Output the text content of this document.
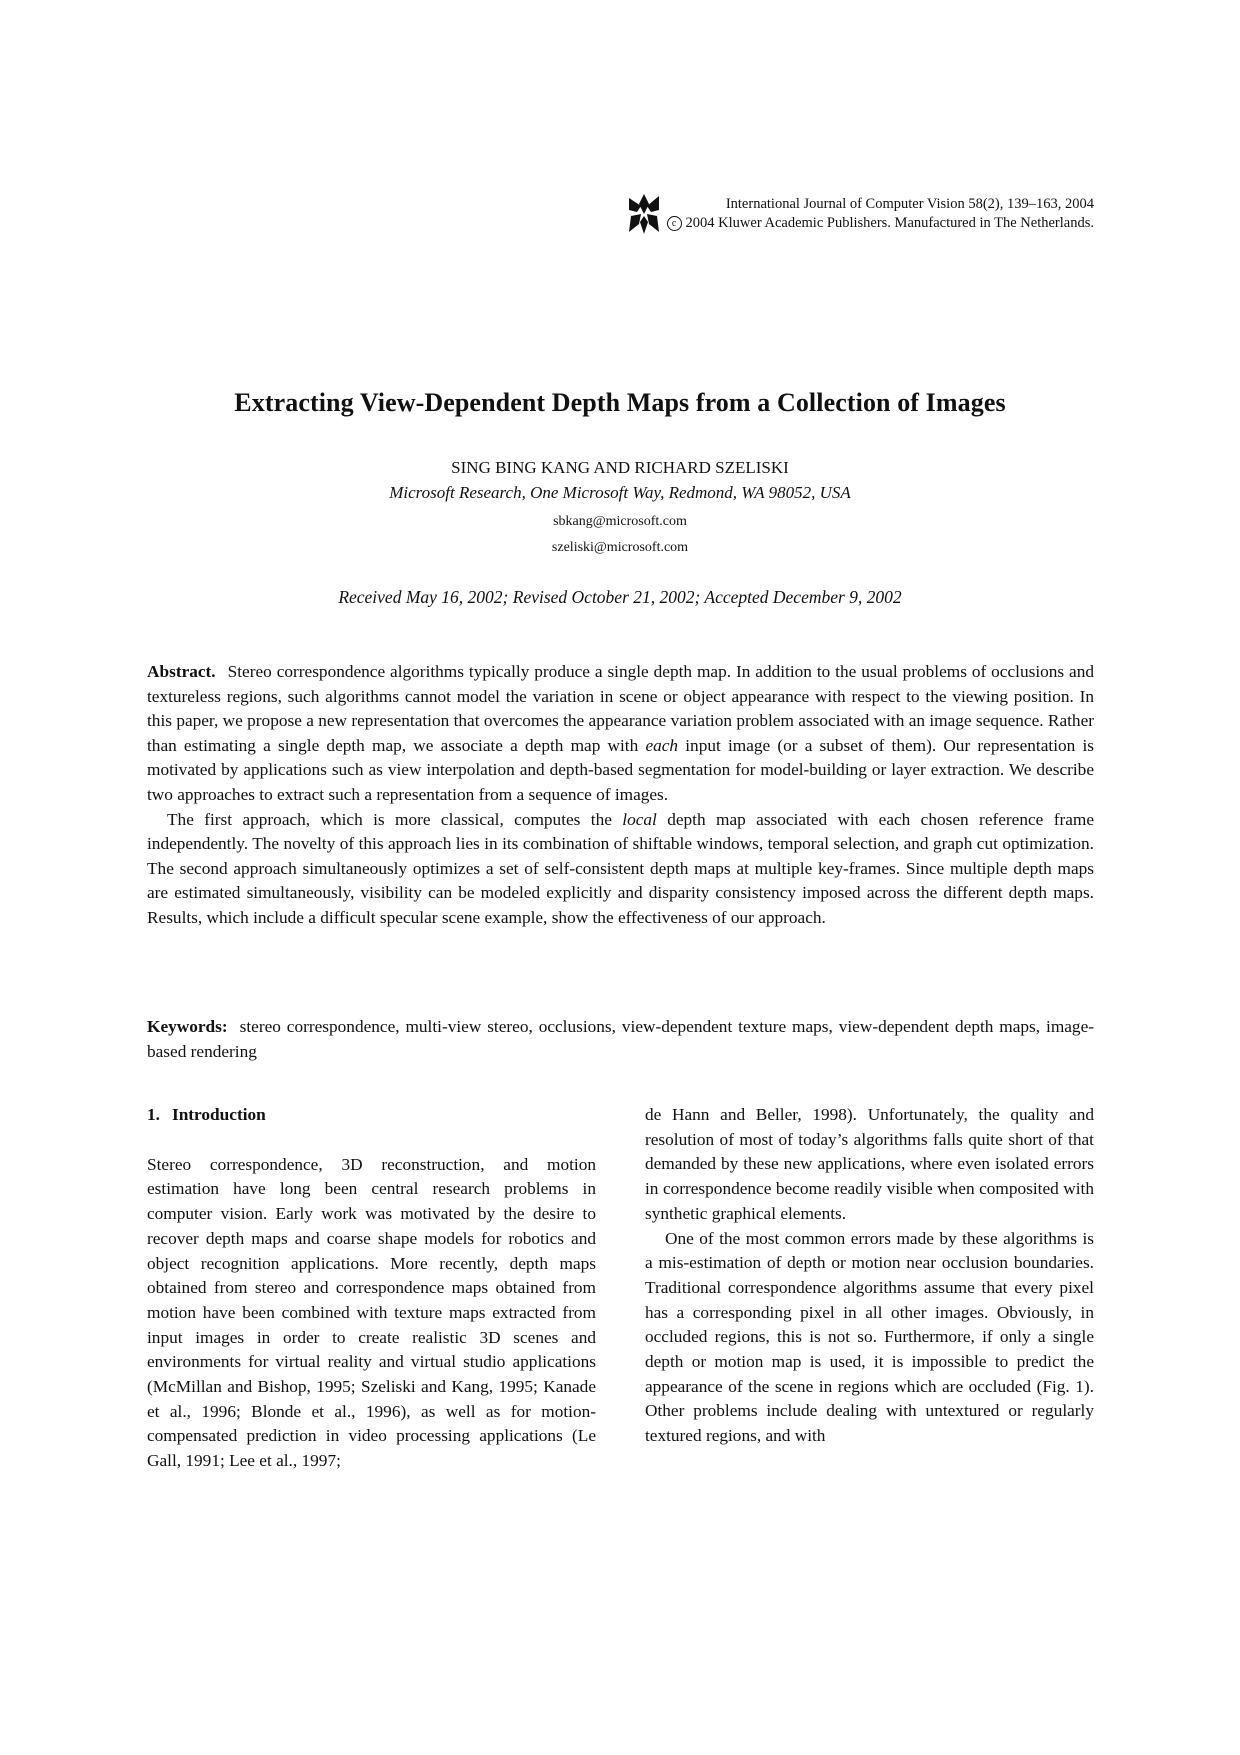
International Journal of Computer Vision 58(2), 139–163, 2004
c 2004 Kluwer Academic Publishers. Manufactured in The Netherlands.
Extracting View-Dependent Depth Maps from a Collection of Images
SING BING KANG AND RICHARD SZELISKI
Microsoft Research, One Microsoft Way, Redmond, WA 98052, USA
sbkang@microsoft.com
szeliski@microsoft.com
Received May 16, 2002; Revised October 21, 2002; Accepted December 9, 2002

Abstract. Stereo correspondence algorithms typically produce a single depth map. In addition to the usual problems of occlusions and textureless regions, such algorithms cannot model the variation in scene or object appearance with respect to the viewing position. In this paper, we propose a new representation that overcomes the appearance variation problem associated with an image sequence. Rather than estimating a single depth map, we associate a depth map with each input image (or a subset of them). Our representation is motivated by applications such as view interpolation and depth-based segmentation for model-building or layer extraction. We describe two approaches to extract such a representation from a sequence of images.

The first approach, which is more classical, computes the local depth map associated with each chosen reference frame independently. The novelty of this approach lies in its combination of shiftable windows, temporal selection, and graph cut optimization. The second approach simultaneously optimizes a set of self-consistent depth maps at multiple key-frames. Since multiple depth maps are estimated simultaneously, visibility can be modeled explicitly and disparity consistency imposed across the different depth maps. Results, which include a difficult specular scene example, show the effectiveness of our approach.

Keywords: stereo correspondence, multi-view stereo, occlusions, view-dependent texture maps, view-dependent depth maps, image-based rendering
1. Introduction

Stereo correspondence, 3D reconstruction, and motion estimation have long been central research problems in computer vision. Early work was motivated by the desire to recover depth maps and coarse shape models for robotics and object recognition applications. More recently, depth maps obtained from stereo and correspondence maps obtained from motion have been combined with texture maps extracted from input images in order to create realistic 3D scenes and environments for virtual reality and virtual studio applications (McMillan and Bishop, 1995; Szeliski and Kang, 1995; Kanade et al., 1996; Blonde et al., 1996), as well as for motion-compensated prediction in video processing applications (Le Gall, 1991; Lee et al., 1997;

de Hann and Beller, 1998). Unfortunately, the quality and resolution of most of today’s algorithms falls quite short of that demanded by these new applications, where even isolated errors in correspondence become readily visible when composited with synthetic graphical elements.

One of the most common errors made by these algorithms is a mis-estimation of depth or motion near occlusion boundaries. Traditional correspondence algorithms assume that every pixel has a corresponding pixel in all other images. Obviously, in occluded regions, this is not so. Furthermore, if only a single depth or motion map is used, it is impossible to predict the appearance of the scene in regions which are occluded (Fig. 1). Other problems include dealing with untextured or regularly textured regions, and with
